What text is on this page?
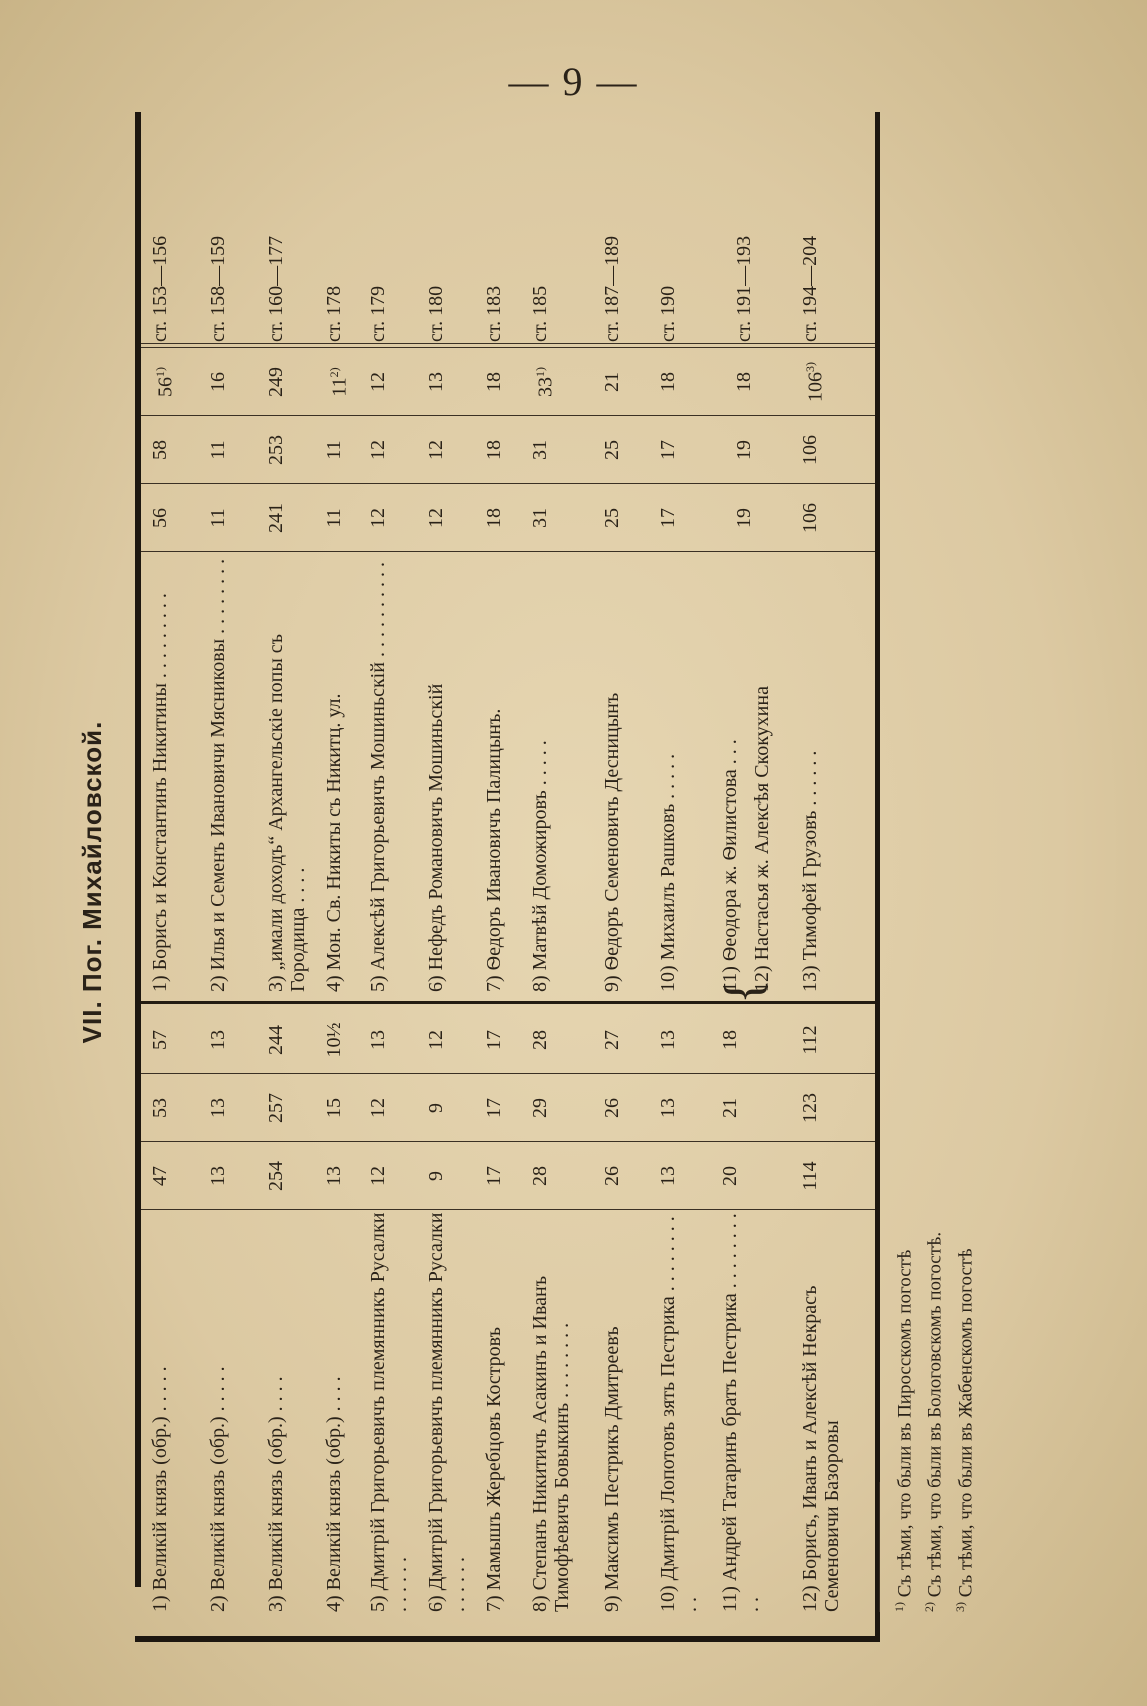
— 9 —
VII. Пог. Михайловской.
1) Великій князь (обр.) . . . . .
47
53
57
1) Борисъ и Константинъ Никитины . . . . . . . . .
56
58
56$^{1)}$
ст. 153—156
2) Великій князь (обр.) . . . . .
13
13
13
2) Илья и Семенъ Ивановичи Мясниковы . . . . . . . .
11
11
16
ст. 158—159
3) Великій князь (обр.) . . . .
254
257
244
3) „имали доходъ“ Архангельскіе попы съ Городища . . . .
241
253
249
ст. 160—177
4) Великій князь (обр.) . . . .
13
15
10½
4) Мон. Св. Никиты съ Никитц. ул.
11
11
11$^{2)}$
ст. 178
5) Дмитрій Григорьевичъ племянникъ Русалки . . . . . .
12
12
13
5) Алексѣй Григорьевичъ Мошиньскій . . . . . . . . . .
12
12
12
ст. 179
6) Дмитрій Григорьевичъ племянникъ Русалки . . . . . .
9
9
12
6) Нефедъ Романовичъ Мошиньскій
12
12
13
ст. 180
7) Мамышъ Жеребцовъ Костровъ
17
17
17
7) Ѳедоръ Ивановичъ Палицынъ.
18
18
18
ст. 183
8) Степанъ Никитичъ Асакинъ и Иванъ Тимофѣевичъ Бовыкинъ . . . . . . . .
28
29
28
8) Матвѣй Доможировъ . . . . .
31
31
33$^{1)}$
ст. 185
9) Максимъ Пестрикъ Дмитреевъ
26
26
27
9) Ѳедоръ Семеновичъ Десницынъ
25
25
21
ст. 187—189
10) Дмитрій Лопотовъ зять Пестрика . . . . . . . . . .
13
13
13
10) Михаилъ Рашковъ . . . . .
17
17
18
ст. 190
11) Андрей Татаринъ братъ Пестрика . . . . . . . . . .
20
21
18
{
11) Ѳеодора ж. Ѳилистова . . . 12) Настасья ж. Алексѣя Скокухина
19
19
18
ст. 191—193
12) Борисъ, Иванъ и Алексѣй Некрасъ Семеновичи Базоровы
114
123
112
13) Тимофей Грузовъ . . . . . .
106
106
106$^{3)}$
ст. 194—204
$^{1)}$ Съ тѣми, что были въ Пиросскомъ погостѣ
$^{2)}$ Съ тѣми, что были въ Бологовскомъ погостѣ.
$^{3)}$ Съ тѣми, что были въ Жабенскомъ погостѣ
